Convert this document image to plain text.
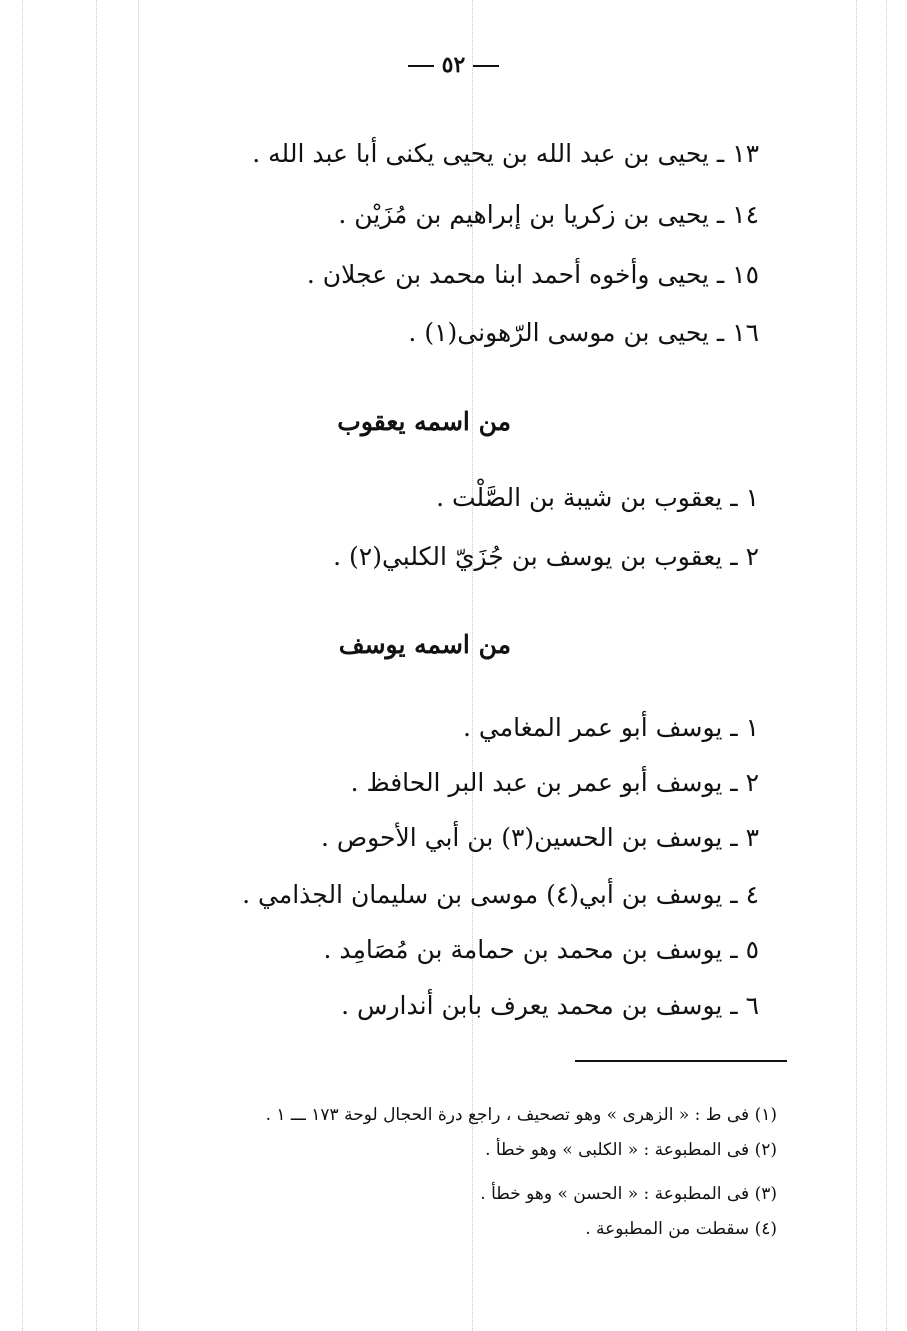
٥٢
١٣ ـ يحيى بن عبد الله بن يحيى يكنى أبا عبد الله .
١٤ ـ يحيى بن زكريا بن إبراهيم بن مُزَيْن .
١٥ ـ يحيى وأخوه أحمد ابنا محمد بن عجلان .
١٦ ـ يحيى بن موسى الرّهونى(١) .
من اسمه يعقوب
١ ـ يعقوب بن شيبة بن الصَّلْت .
٢ ـ يعقوب بن يوسف بن جُزَيّ الكلبي(٢) .
من اسمه يوسف
١ ـ يوسف أبو عمر المغامي .
٢ ـ يوسف أبو عمر بن عبد البر الحافظ .
٣ ـ يوسف بن الحسين(٣) بن أبي الأحوص .
٤ ـ يوسف بن أبي(٤) موسى بن سليمان الجذامي .
٥ ـ يوسف بن محمد بن حمامة بن مُصَامِد .
٦ ـ يوسف بن محمد يعرف بابن أندارس .
(١) فى ط : « الزهرى » وهو تصحيف ، راجع درة الحجال لوحة ١٧٣ ـــ ١ .
(٢) فى المطبوعة : « الكلبى » وهو خطأ .
(٣) فى المطبوعة : « الحسن » وهو خطأ .
(٤) سقطت من المطبوعة .
